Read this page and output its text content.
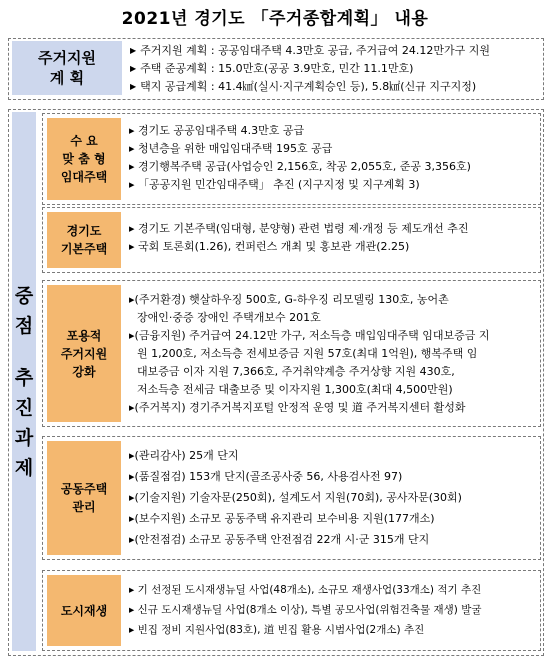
2021년 경기도 「주거종합계획」 내용
주거지원
계 획
▶ 주거지원 계획 : 공공임대주택 4.3만호 공급, 주거급여 24.12만가구 지원
▶ 주택 준공계획 : 15.0만호(공공 3.9만호, 민간 11.1만호)
▶ 택지 공급계획 : 41.4㎢(실시·지구계획승인 등), 5.8㎢(신규 지구지정)
중
점
추
진
과
제
수 요
맞 춤 형
임대주택
▸ 경기도 공공임대주택 4.3만호 공급
▸ 청년층을 위한 매입임대주택 195호 공급
▸ 경기행복주택 공급(사업승인 2,156호, 착공 2,055호, 준공 3,356호)
▸ 「공공지원 민간임대주택」 추진 (지구지정 및 지구계획 3)
경기도
기본주택
▸ 경기도 기본주택(임대형, 분양형) 관련 법령 제·개정 등 제도개선 추진
▸ 국회 토론회(1.26), 컨퍼런스 개최 및 홍보관 개관(2.25)
포용적
주거지원
강화
▸(주거환경) 햇살하우징 500호, G-하우징 리모델링 130호, 농어촌
장애인·중증 장애인 주택개보수 201호
▸(금융지원) 주거급여 24.12만 가구, 저소득층 매입임대주택 임대보증금 지
원 1,200호, 저소득층 전세보증금 지원 57호(최대 1억원), 행복주택 임
대보증금 이자 지원 7,366호, 주거취약계층 주거상향 지원 430호,
저소득층 전세금 대출보증 및 이자지원 1,300호(최대 4,500만원)
▸(주거복지) 경기주거복지포털 안정적 운영 및 道 주거복지센터 활성화
공동주택
관리
▸(관리감사) 25개 단지
▸(품질점검) 153개 단지(골조공사중 56, 사용검사전 97)
▸(기술지원) 기술자문(250회), 설계도서 지원(70회), 공사자문(30회)
▸(보수지원) 소규모 공동주택 유지관리 보수비용 지원(177개소)
▸(안전점검) 소규모 공동주택 안전점검 22개 시·군 315개 단지
도시재생
▸ 기 선정된 도시재생뉴딜 사업(48개소), 소규모 재생사업(33개소) 적기 추진
▸ 신규 도시재생뉴딜 사업(8개소 이상), 특별 공모사업(위험건축물 재생) 발굴
▸ 빈집 정비 지원사업(83호), 道 빈집 활용 시범사업(2개소) 추진
